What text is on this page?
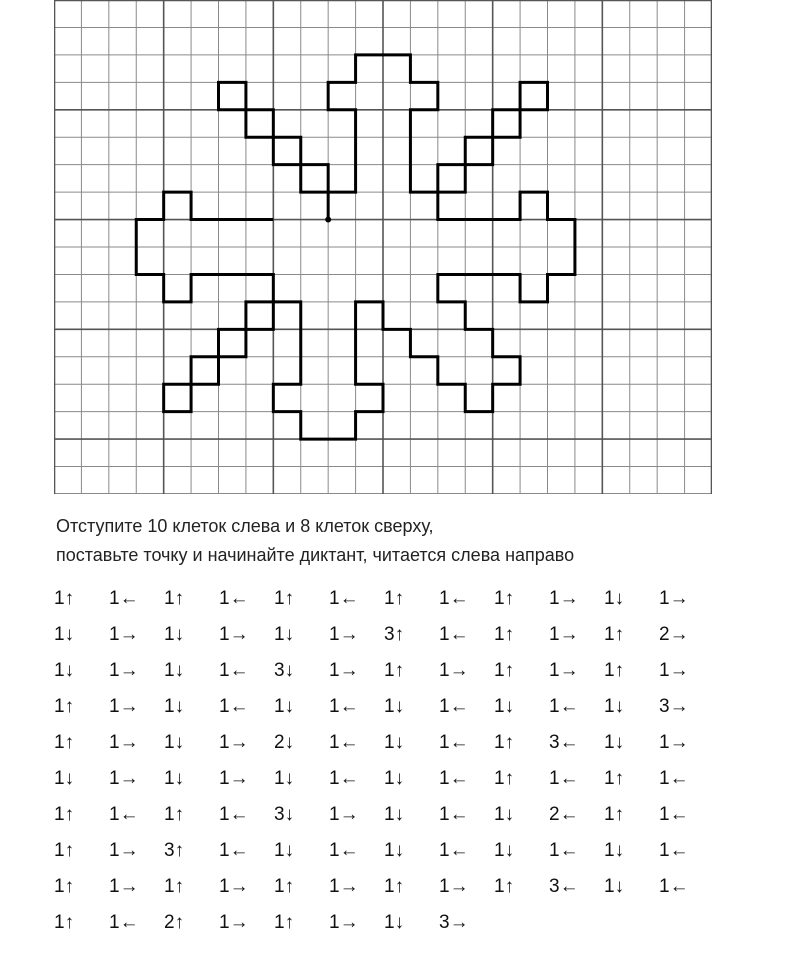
Отступите 10 клеток слева и 8 клеток сверху,
поставьте точку и начинайте диктант, читается слева направо
1↑ 1← 1↑ 1← 1↑ 1← 1↑ 1← 1↑ 1→ 1↓ 1→
1↓ 1→ 1↓ 1→ 1↓ 1→ 3↑ 1← 1↑ 1→ 1↑ 2→
1↓ 1→ 1↓ 1← 3↓ 1→ 1↑ 1→ 1↑ 1→ 1↑ 1→
1↑ 1→ 1↓ 1← 1↓ 1← 1↓ 1← 1↓ 1← 1↓ 3→
1↑ 1→ 1↓ 1→ 2↓ 1← 1↓ 1← 1↑ 3← 1↓ 1→
1↓ 1→ 1↓ 1→ 1↓ 1← 1↓ 1← 1↑ 1← 1↑ 1←
1↑ 1← 1↑ 1← 3↓ 1→ 1↓ 1← 1↓ 2← 1↑ 1←
1↑ 1→ 3↑ 1← 1↓ 1← 1↓ 1← 1↓ 1← 1↓ 1←
1↑ 1→ 1↑ 1→ 1↑ 1→ 1↑ 1→ 1↑ 3← 1↓ 1←
1↑ 1← 2↑ 1→ 1↑ 1→ 1↓ 3→
